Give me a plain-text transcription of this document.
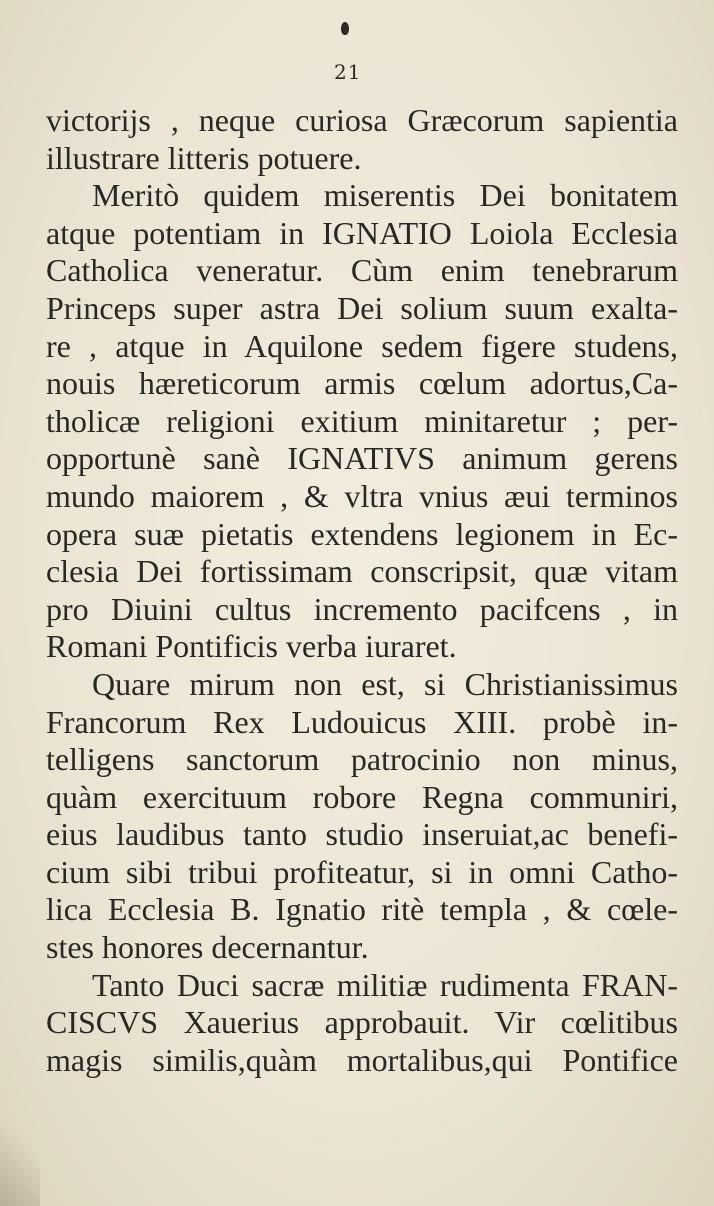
21
victorijs , neque curiosa Græcorum sapientia
illustrare litteris potuere.
Meritò quidem miserentis Dei bonitatem
atque potentiam in IGNATIO Loiola Ecclesia
Catholica veneratur. Cùm enim tenebrarum
Princeps super astra Dei solium suum exalta-
re , atque in Aquilone sedem figere studens,
nouis hæreticorum armis cœlum adortus,Ca-
tholicæ religioni exitium minitaretur ; per-
opportunè sanè IGNATIVS animum gerens
mundo maiorem , & vltra vnius æui terminos
opera suæ pietatis extendens legionem in Ec-
clesia Dei fortissimam conscripsit, quæ vitam
pro Diuini cultus incremento pacifcens , in
Romani Pontificis verba iuraret.
Quare mirum non est, si Christianissimus
Francorum Rex Ludouicus XIII. probè in-
telligens sanctorum patrocinio non minus,
quàm exercituum robore Regna communiri,
eius laudibus tanto studio inseruiat,ac benefi-
cium sibi tribui profiteatur, si in omni Catho-
lica Ecclesia B. Ignatio ritè templa , & cœle-
stes honores decernantur.
Tanto Duci sacræ militiæ rudimenta FRAN-
CISCVS Xauerius approbauit. Vir cœlitibus
magis similis,quàm mortalibus,qui Pontifice
